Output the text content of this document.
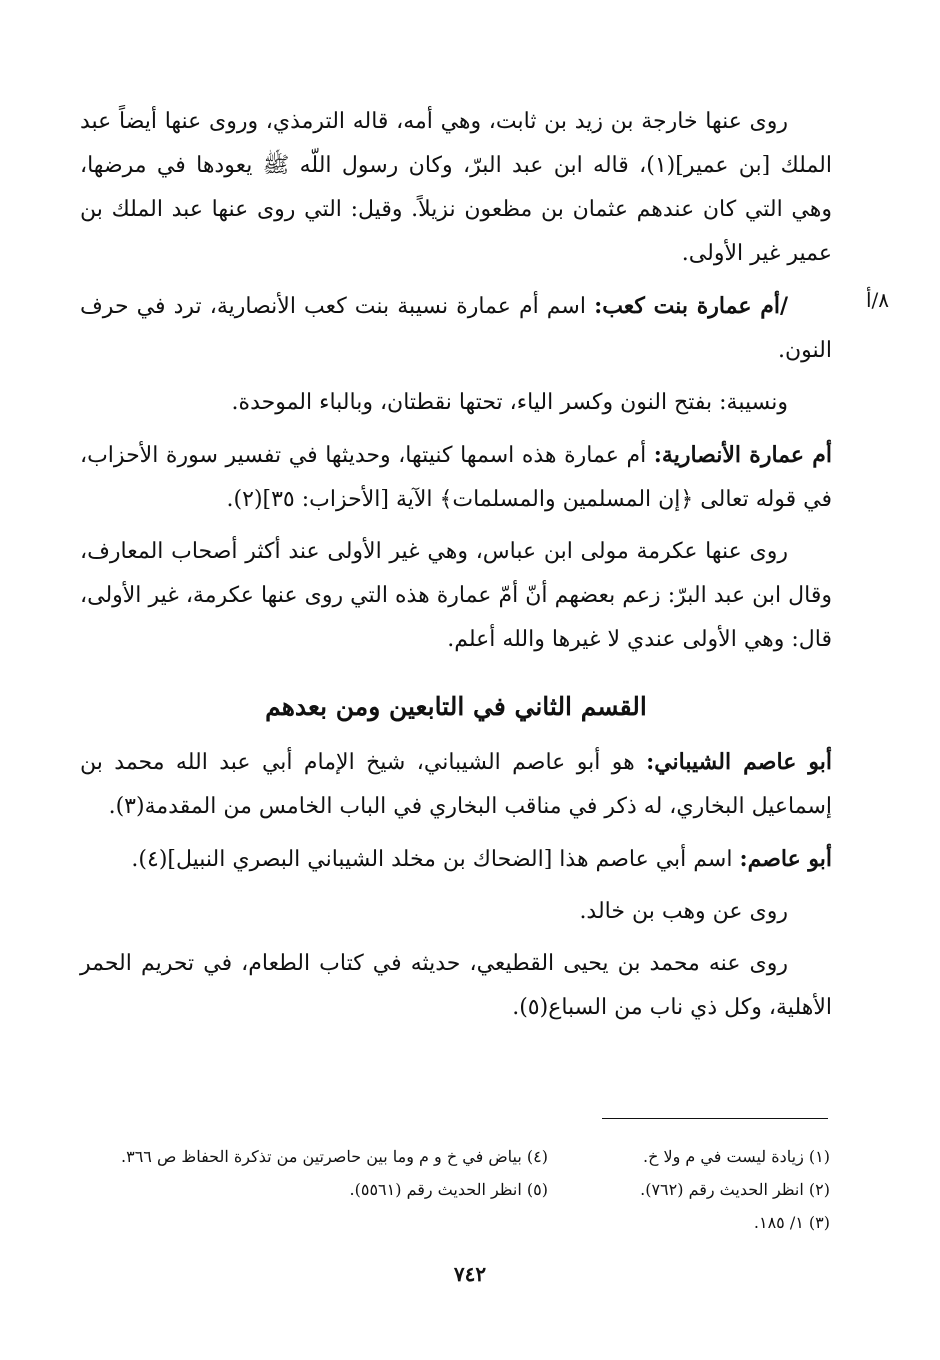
٨/أ

روى عنها خارجة بن زيد بن ثابت، وهي أمه، قاله الترمذي، وروى عنها أيضاً عبد الملك [بن عمير](١)، قاله ابن عبد البرّ، وكان رسول اللّه ﷺ يعودها في مرضها، وهي التي كان عندهم عثمان بن مظعون نزيلاً. وقيل: التي روى عنها عبد الملك بن عمير غير الأولى.

/أم عمارة بنت كعب: اسم أم عمارة نسيبة بنت كعب الأنصارية، ترد في حرف النون.

ونسيبة: بفتح النون وكسر الياء، تحتها نقطتان، وبالباء الموحدة.

أم عمارة الأنصارية: أم عمارة هذه اسمها كنيتها، وحديثها في تفسير سورة الأحزاب، في قوله تعالى ﴿إن المسلمين والمسلمات﴾ الآية [الأحزاب: ٣٥](٢).

روى عنها عكرمة مولى ابن عباس، وهي غير الأولى عند أكثر أصحاب المعارف، وقال ابن عبد البرّ: زعم بعضهم أنّ أمّ عمارة هذه التي روى عنها عكرمة، غير الأولى، قال: وهي الأولى عندي لا غيرها والله أعلم.

القسم الثاني في التابعين ومن بعدهم

أبو عاصم الشيباني: هو أبو عاصم الشيباني، شيخ الإمام أبي عبد الله محمد بن إسماعيل البخاري، له ذكر في مناقب البخاري في الباب الخامس من المقدمة(٣).

أبو عاصم: اسم أبي عاصم هذا [الضحاك بن مخلد الشيباني البصري النبيل](٤).

روى عن وهب بن خالد.

روى عنه محمد بن يحيى القطيعي، حديثه في كتاب الطعام، في تحريم الحمر الأهلية، وكل ذي ناب من السباع(٥).

(١) زيادة ليست في م ولا خ.
(٢) انظر الحديث رقم (٧٦٢).
(٣) ١/ ١٨٥.
(٤) بياض في خ و م وما بين حاصرتين من تذكرة الحفاظ ص ٣٦٦.
(٥) انظر الحديث رقم (٥٥٦١).
٧٤٢
